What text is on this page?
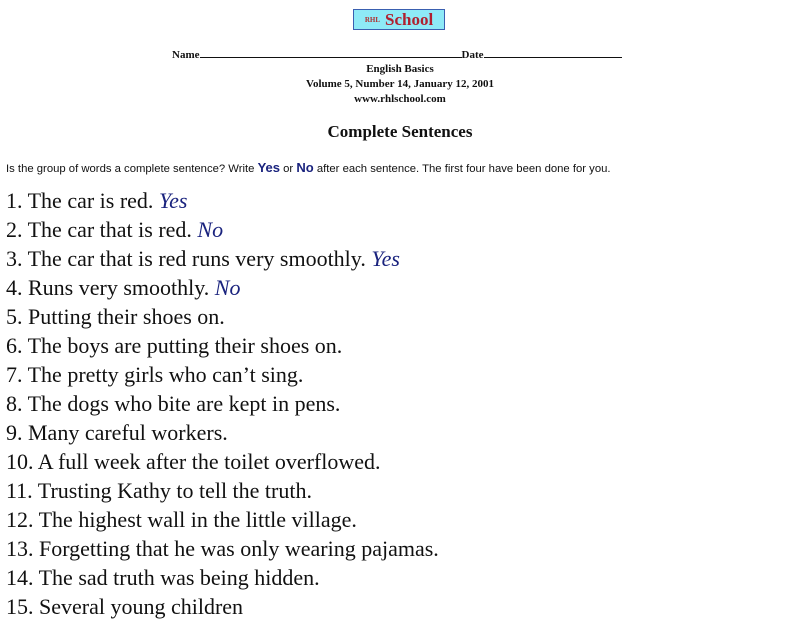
RHL School
Name	Date
English Basics
Volume 5, Number 14, January 12, 2001
www.rhlschool.com
Complete Sentences
Is the group of words a complete sentence? Write Yes or No after each sentence. The first four have been done for you.
1. The car is red. Yes
2. The car that is red. No
3. The car that is red runs very smoothly. Yes
4. Runs very smoothly. No
5. Putting their shoes on.
6. The boys are putting their shoes on.
7. The pretty girls who can’t sing.
8. The dogs who bite are kept in pens.
9. Many careful workers.
10. A full week after the toilet overflowed.
11. Trusting Kathy to tell the truth.
12. The highest wall in the little village.
13. Forgetting that he was only wearing pajamas.
14. The sad truth was being hidden.
15. Several young children
